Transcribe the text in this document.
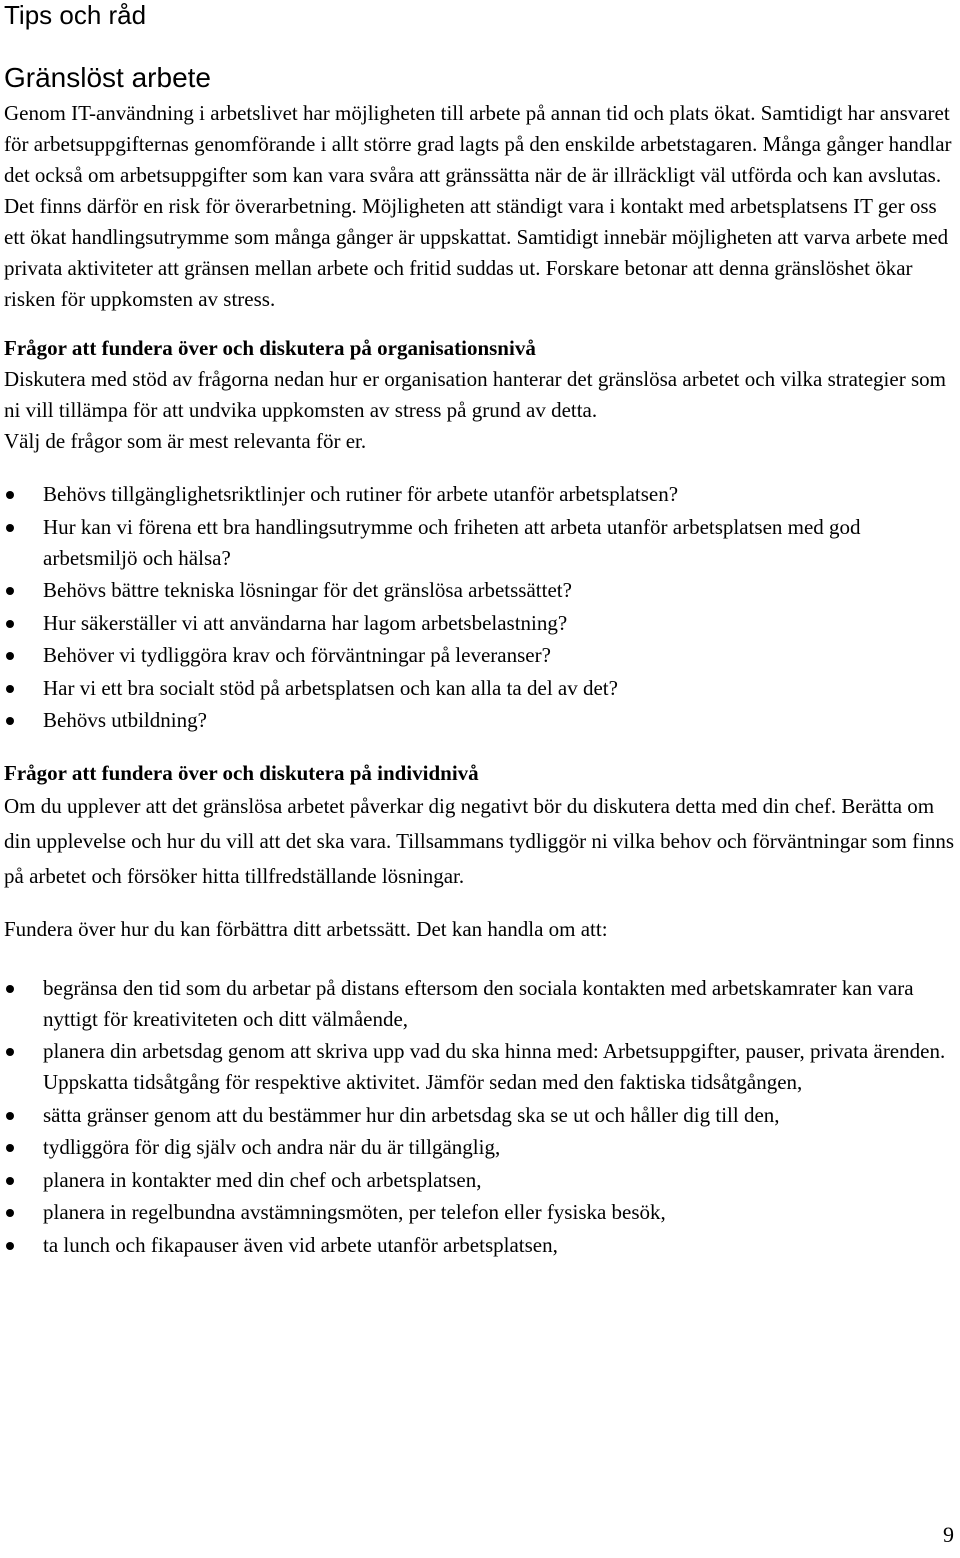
Tips och råd
Gränslöst arbete

Genom IT-användning i arbetslivet har möjligheten till arbete på annan tid och plats ökat. Samtidigt har ansvaret för arbetsuppgifternas genomförande i allt större grad lagts på den enskilde arbetstagaren. Många gånger handlar det också om arbetsuppgifter som kan vara svåra att gränssätta när de är illräckligt väl utförda och kan avslutas. Det finns därför en risk för överarbetning. Möjligheten att ständigt vara i kontakt med arbetsplatsens IT ger oss ett ökat handlingsutrymme som många gånger är uppskattat. Samtidigt innebär möjligheten att varva arbete med privata aktiviteter att gränsen mellan arbete och fritid suddas ut. Forskare betonar att denna gränslöshet ökar risken för uppkomsten av stress.

Frågor att fundera över och diskutera på organisationsnivå

Diskutera med stöd av frågorna nedan hur er organisation hanterar det gränslösa arbetet och vilka strategier som ni vill tillämpa för att undvika uppkomsten av stress på grund av detta.

Välj de frågor som är mest relevanta för er.

Behövs tillgänglighetsriktlinjer och rutiner för arbete utanför arbetsplatsen?
Hur kan vi förena ett bra handlingsutrymme och friheten att arbeta utanför arbetsplatsen med god arbetsmiljö och hälsa?
Behövs bättre tekniska lösningar för det gränslösa arbetssättet?
Hur säkerställer vi att användarna har lagom arbetsbelastning?
Behöver vi tydliggöra krav och förväntningar på leveranser?
Har vi ett bra socialt stöd på arbetsplatsen och kan alla ta del av det?
Behövs utbildning?

Frågor att fundera över och diskutera på individnivå

Om du upplever att det gränslösa arbetet påverkar dig negativt bör du diskutera detta med din chef. Berätta om din upplevelse och hur du vill att det ska vara. Tillsammans tydliggör ni vilka behov och förväntningar som finns på arbetet och försöker hitta tillfredställande lösningar.

Fundera över hur du kan förbättra ditt arbetssätt. Det kan handla om att:

begränsa den tid som du arbetar på distans eftersom den sociala kontakten med arbetskamrater kan vara nyttigt för kreativiteten och ditt välmående,
planera din arbetsdag genom att skriva upp vad du ska hinna med: Arbetsuppgifter, pauser, privata ärenden. Uppskatta tidsåtgång för respektive aktivitet. Jämför sedan med den faktiska tidsåtgången,
sätta gränser genom att du bestämmer hur din arbetsdag ska se ut och håller dig till den,
tydliggöra för dig själv och andra när du är tillgänglig,
planera in kontakter med din chef och arbetsplatsen,
planera in regelbundna avstämningsmöten, per telefon eller fysiska besök,
ta lunch och fikapauser även vid arbete utanför arbetsplatsen,
9
